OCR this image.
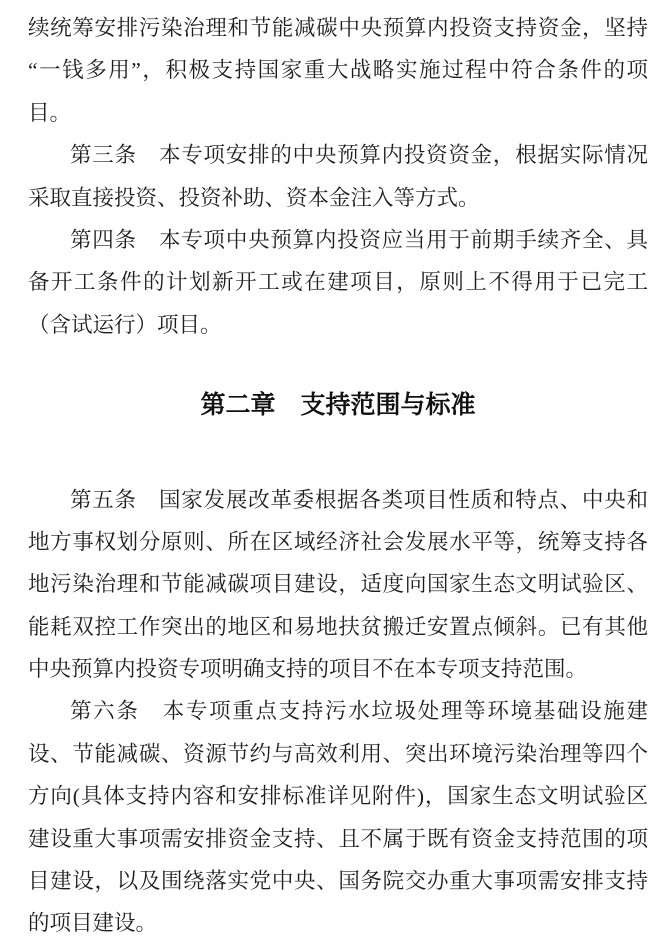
续统筹安排污染治理和节能减碳中央预算内投资支持资金，坚持
“一钱多用”，积极支持国家重大战略实施过程中符合条件的项
目。
第三条　本专项安排的中央预算内投资资金，根据实际情况
采取直接投资、投资补助、资本金注入等方式。
第四条　本专项中央预算内投资应当用于前期手续齐全、具
备开工条件的计划新开工或在建项目，原则上不得用于已完工
（含试运行）项目。
第二章　支持范围与标准
第五条　国家发展改革委根据各类项目性质和特点、中央和
地方事权划分原则、所在区域经济社会发展水平等，统筹支持各
地污染治理和节能减碳项目建设，适度向国家生态文明试验区、
能耗双控工作突出的地区和易地扶贫搬迁安置点倾斜。已有其他
中央预算内投资专项明确支持的项目不在本专项支持范围。
第六条　本专项重点支持污水垃圾处理等环境基础设施建
设、节能减碳、资源节约与高效利用、突出环境污染治理等四个
方向(具体支持内容和安排标准详见附件)，国家生态文明试验区
建设重大事项需安排资金支持、且不属于既有资金支持范围的项
目建设，以及围绕落实党中央、国务院交办重大事项需安排支持
的项目建设。
